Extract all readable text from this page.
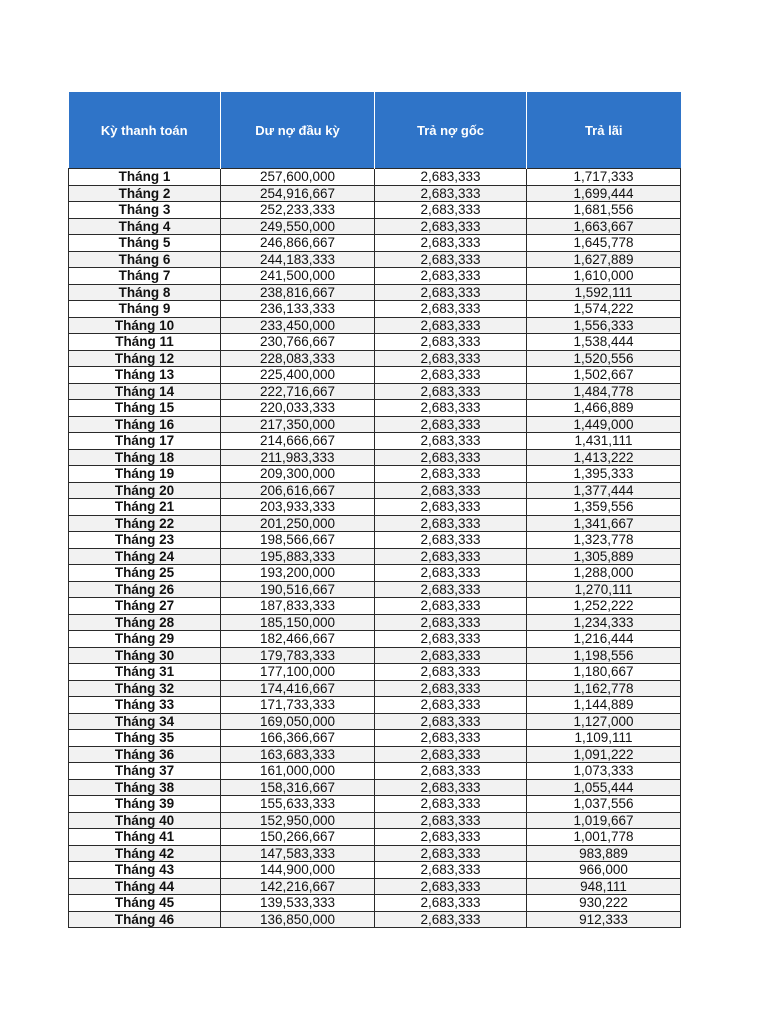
Kỳ thanh toán	Dư nợ đầu kỳ	Trả nợ gốc	Trả lãi
Tháng 1	257,600,000	2,683,333	1,717,333
Tháng 2	254,916,667	2,683,333	1,699,444
Tháng 3	252,233,333	2,683,333	1,681,556
Tháng 4	249,550,000	2,683,333	1,663,667
Tháng 5	246,866,667	2,683,333	1,645,778
Tháng 6	244,183,333	2,683,333	1,627,889
Tháng 7	241,500,000	2,683,333	1,610,000
Tháng 8	238,816,667	2,683,333	1,592,111
Tháng 9	236,133,333	2,683,333	1,574,222
Tháng 10	233,450,000	2,683,333	1,556,333
Tháng 11	230,766,667	2,683,333	1,538,444
Tháng 12	228,083,333	2,683,333	1,520,556
Tháng 13	225,400,000	2,683,333	1,502,667
Tháng 14	222,716,667	2,683,333	1,484,778
Tháng 15	220,033,333	2,683,333	1,466,889
Tháng 16	217,350,000	2,683,333	1,449,000
Tháng 17	214,666,667	2,683,333	1,431,111
Tháng 18	211,983,333	2,683,333	1,413,222
Tháng 19	209,300,000	2,683,333	1,395,333
Tháng 20	206,616,667	2,683,333	1,377,444
Tháng 21	203,933,333	2,683,333	1,359,556
Tháng 22	201,250,000	2,683,333	1,341,667
Tháng 23	198,566,667	2,683,333	1,323,778
Tháng 24	195,883,333	2,683,333	1,305,889
Tháng 25	193,200,000	2,683,333	1,288,000
Tháng 26	190,516,667	2,683,333	1,270,111
Tháng 27	187,833,333	2,683,333	1,252,222
Tháng 28	185,150,000	2,683,333	1,234,333
Tháng 29	182,466,667	2,683,333	1,216,444
Tháng 30	179,783,333	2,683,333	1,198,556
Tháng 31	177,100,000	2,683,333	1,180,667
Tháng 32	174,416,667	2,683,333	1,162,778
Tháng 33	171,733,333	2,683,333	1,144,889
Tháng 34	169,050,000	2,683,333	1,127,000
Tháng 35	166,366,667	2,683,333	1,109,111
Tháng 36	163,683,333	2,683,333	1,091,222
Tháng 37	161,000,000	2,683,333	1,073,333
Tháng 38	158,316,667	2,683,333	1,055,444
Tháng 39	155,633,333	2,683,333	1,037,556
Tháng 40	152,950,000	2,683,333	1,019,667
Tháng 41	150,266,667	2,683,333	1,001,778
Tháng 42	147,583,333	2,683,333	983,889
Tháng 43	144,900,000	2,683,333	966,000
Tháng 44	142,216,667	2,683,333	948,111
Tháng 45	139,533,333	2,683,333	930,222
Tháng 46	136,850,000	2,683,333	912,333
